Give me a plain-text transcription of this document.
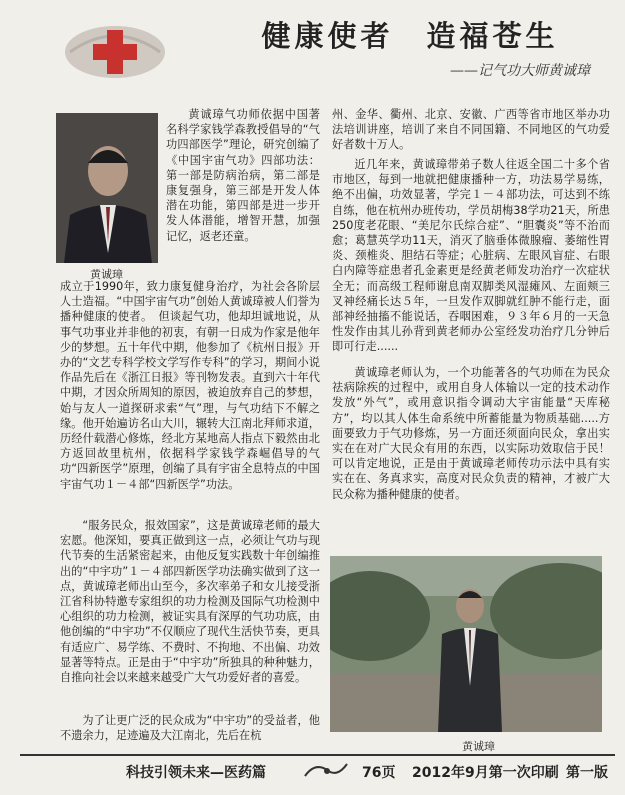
健康使者　造福苍生
——记气功大师黄诚璋
黄诚璋
黄诚璋气功师依据中国著名科学家钱学森教授倡导的“气功四部医学”理论，研究创编了《中国宇宙气功》四部功法：第一部是防病治病，第二部是康复强身，第三部是开发人体潜在功能，第四部是进一步开发人体潜能，增智开慧，加强记忆，返老还童。
成立于1990年，致力康复健身治疗，为社会各阶层人士造福。“中国宇宙气功”创始人黄诚璋被人们誉为播种健康的使者。　但谈起气功，他却坦诚地说，从事气功事业并非他的初衷，有朝一日成为作家是他年少的梦想。五十年代中期，他参加了《杭州日报》开办的“文艺专科学校文学写作专科”的学习，期间小说作品先后在《浙江日报》等刊物发表。直到六十年代中期，才因众所周知的原因，被迫放弃自己的梦想，始与友人一道探研求索“气”理，与气功结下不解之缘。他开始遍访名山大川，辗转大江南北拜师求道，历经什载潜心修炼，经北方某地高人指点下毅然由北方返回故里杭州，依据科学家钱学森崛倡导的气功“四新医学”原理，创编了具有宇宙全息特点的中国宇宙气功１－４部“四新医学”功法。
“服务民众，报效国家”，这是黄诚璋老师的最大宏愿。他深知，要真正做到这一点，必须让气功与现代节奏的生活紧密起来，由他反复实践数十年创编推出的“中宇功”１－４部四新医学功法确实做到了这一点，黄诚璋老师出山至今，多次率弟子和女儿接受浙江省科协特邀专家组织的功力检测及国际气功检测中心组织的功力检测，被证实具有深厚的气功功底，由他创编的“中宇功”不仅顺应了现代生活快节奏，更具有适应广、易学练、不费时、不拘地、不出偏、功效显著等特点。正是由于“中宇功”所独具的种种魅力，自推向社会以来越来越受广大气功爱好者的喜爱。
为了让更广泛的民众成为“中宇功”的受益者，他不遗余力，足迹遍及大江南北，先后在杭
州、金华、衢州、北京、安徽、广西等省市地区举办功法培训讲座，培训了来自不同国籍、不同地区的气功爱好者数十万人。
近几年来，黄诚璋带弟子数人往返全国二十多个省市地区，每到一地就把健康播种一方，功法易学易练，绝不出偏，功效显著，学完１－４部功法，可达到不练自练，他在杭州办班传功，学员胡梅38学功21天，所患250度老花眼、“美尼尔氏综合症”、“胆囊炎”等不治而愈；葛慧英学功11天，消灭了脑垂体微腺瘤、萎缩性胃炎、颈椎炎、胆结石等症；心脏病、左眼风盲症、右眼白内障等症患者孔金素更是经黄老师发功治疗一次症状全无；而高级工程师谢息南双脚类风湿瘫风、左面颊三叉神经痛长达５年，一旦发作双脚就红肿不能行走，面部神经抽搐不能说话，吞咽困难，９３年６月的一天急性发作由其儿孙背到黄老师办公室经发功治疗几分钟后即可行走......
黄诚璋老师认为，一个功能著各的气功师在为民众祛病除疾的过程中，或用自身人体输以一定的技术动作发放“外气”，或用意识指令调动大宇宙能量“天库秘方”，均以其人体生命系统中所蓄能量为物质基础.....方面要致力于气功修炼，另一方面还须面向民众，拿出实实在在对广大民众有用的东西，以实际功效取信于民！可以肯定地说，正是由于黄诚璋老师传功示法中具有实实在在、务真求实，高度对民众负责的精神，才被广大民众称为播种健康的使者。
黄诚璋
科技引领未来—医药篇	76页 2012年9月第一次印刷 第一版
